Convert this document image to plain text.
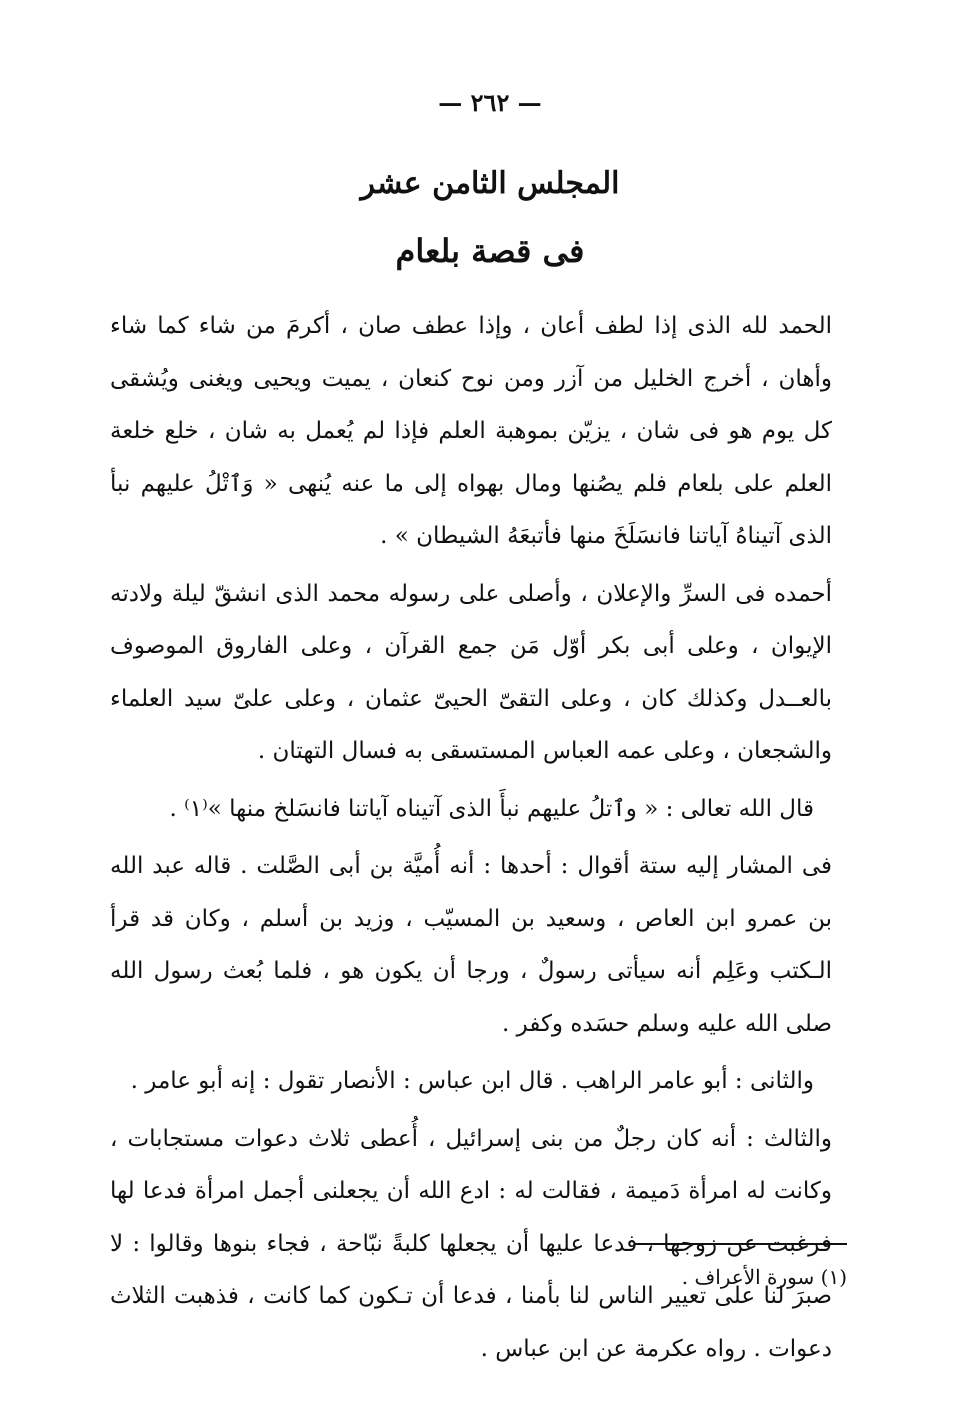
— ٢٦٢ —
المجلس الثامن عشر
فى قصة بلعام

الحمد لله الذى إذا لطف أعان ، وإذا عطف صان ، أكرمَ من شاء كما شاء وأهان ، أخرج الخليل من آزر ومن نوح كنعان ، يميت ويحيى ويغنى ويُشقى كل يوم هو فى شان ، يزيّن بموهبة العلم فإذا لم يُعمل به شان ، خلع خلعة العلم على بلعام فلم يصُنها ومال بهواه إلى ما عنه يُنهى « وَٱتْلُ عليهم نبأ الذى آتيناهُ آياتنا فانسَلَخَ منها فأتبعَهُ الشيطان » .

أحمده فى السرِّ والإعلان ، وأصلى على رسوله محمد الذى انشقّ ليلة ولادته الإيوان ، وعلى أبى بكر أوّل مَن جمع القرآن ، وعلى الفاروق الموصوف بالعــدل وكذلك كان ، وعلى التقىّ الحيىّ عثمان ، وعلى علىّ سيد العلماء والشجعان ، وعلى عمه العباس المستسقى به فسال التهتان .

قال الله تعالى : « وٱتلُ عليهم نبأَ الذى آتيناه آياتنا فانسَلخ منها »⁽١⁾ .

فى المشار إليه ستة أقوال : أحدها : أنه أُميَّة بن أبى الصَّلت . قاله عبد الله بن عمرو ابن العاص ، وسعيد بن المسيّب ، وزيد بن أسلم ، وكان قد قرأ الـكتب وعَلِم أنه سيأتى رسولٌ ، ورجا أن يكون هو ، فلما بُعث رسول الله صلى الله عليه وسلم حسَده وكفر .

والثانى : أبو عامر الراهب . قال ابن عباس : الأنصار تقول : إنه أبو عامر .

والثالث : أنه كان رجلٌ من بنى إسرائيل ، أُعطى ثلاث دعوات مستجابات ، وكانت له امرأة دَميمة ، فقالت له : ادع الله أن يجعلنى أجمل امرأة فدعا لها فرغبت عن زوجها ، فدعا عليها أن يجعلها كلبةً نبّاحة ، فجاء بنوها وقالوا : لا صبرَ لنا على تعيير الناس لنا بأمنا ، فدعا أن تـكون كما كانت ، فذهبت الثلاث دعوات . رواه عكرمة عن ابن عباس .

(١) سورة الأعراف .
